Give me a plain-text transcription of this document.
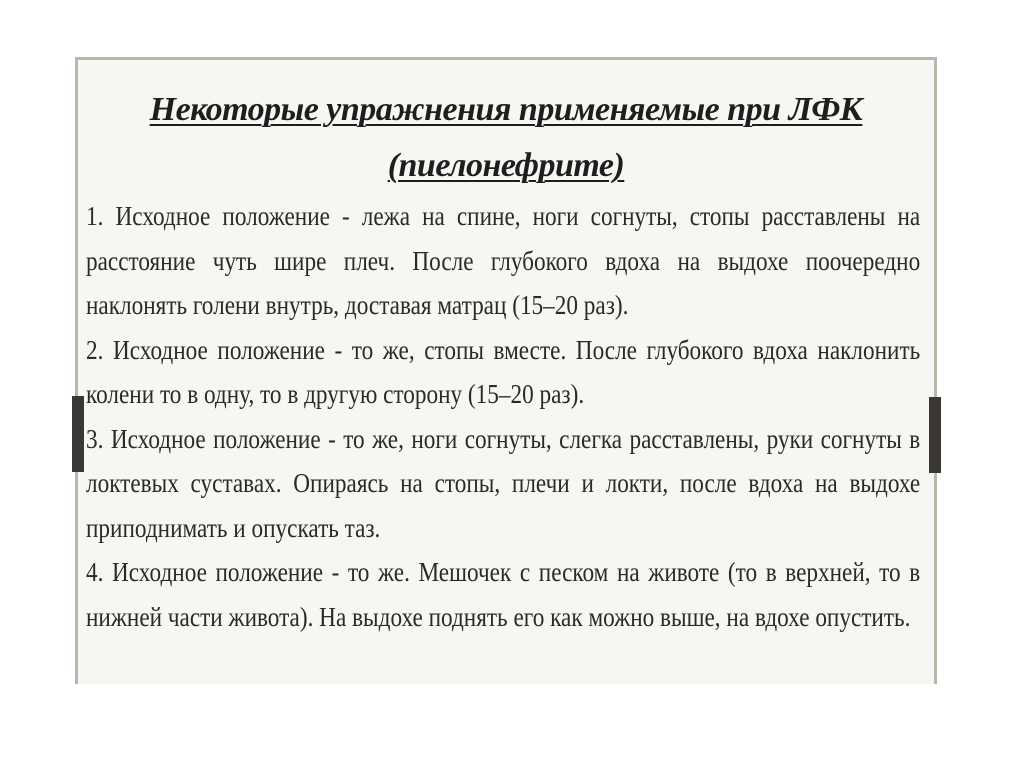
Некоторые упражнения применяемые при ЛФК
(пиелонефрите)

1. Исходное положение - лежа на спине, ноги согнуты, стопы расставлены на расстояние чуть шире плеч. После глубокого вдоха на выдохе поочередно наклонять голени внутрь, доставая матрац (15–20 раз).

2. Исходное положение - то же, стопы вместе. После глубокого вдоха наклонить колени то в одну, то в другую сторону (15–20 раз).

3. Исходное положение - то же, ноги согнуты, слегка расставлены, руки согнуты в локтевых суставах. Опираясь на стопы, плечи и локти, после вдоха на выдохе приподнимать и опускать таз.

4. Исходное положение - то же. Мешочек с песком на животе (то в верхней, то в нижней части живота). На выдохе поднять его как можно выше, на вдохе опустить.
